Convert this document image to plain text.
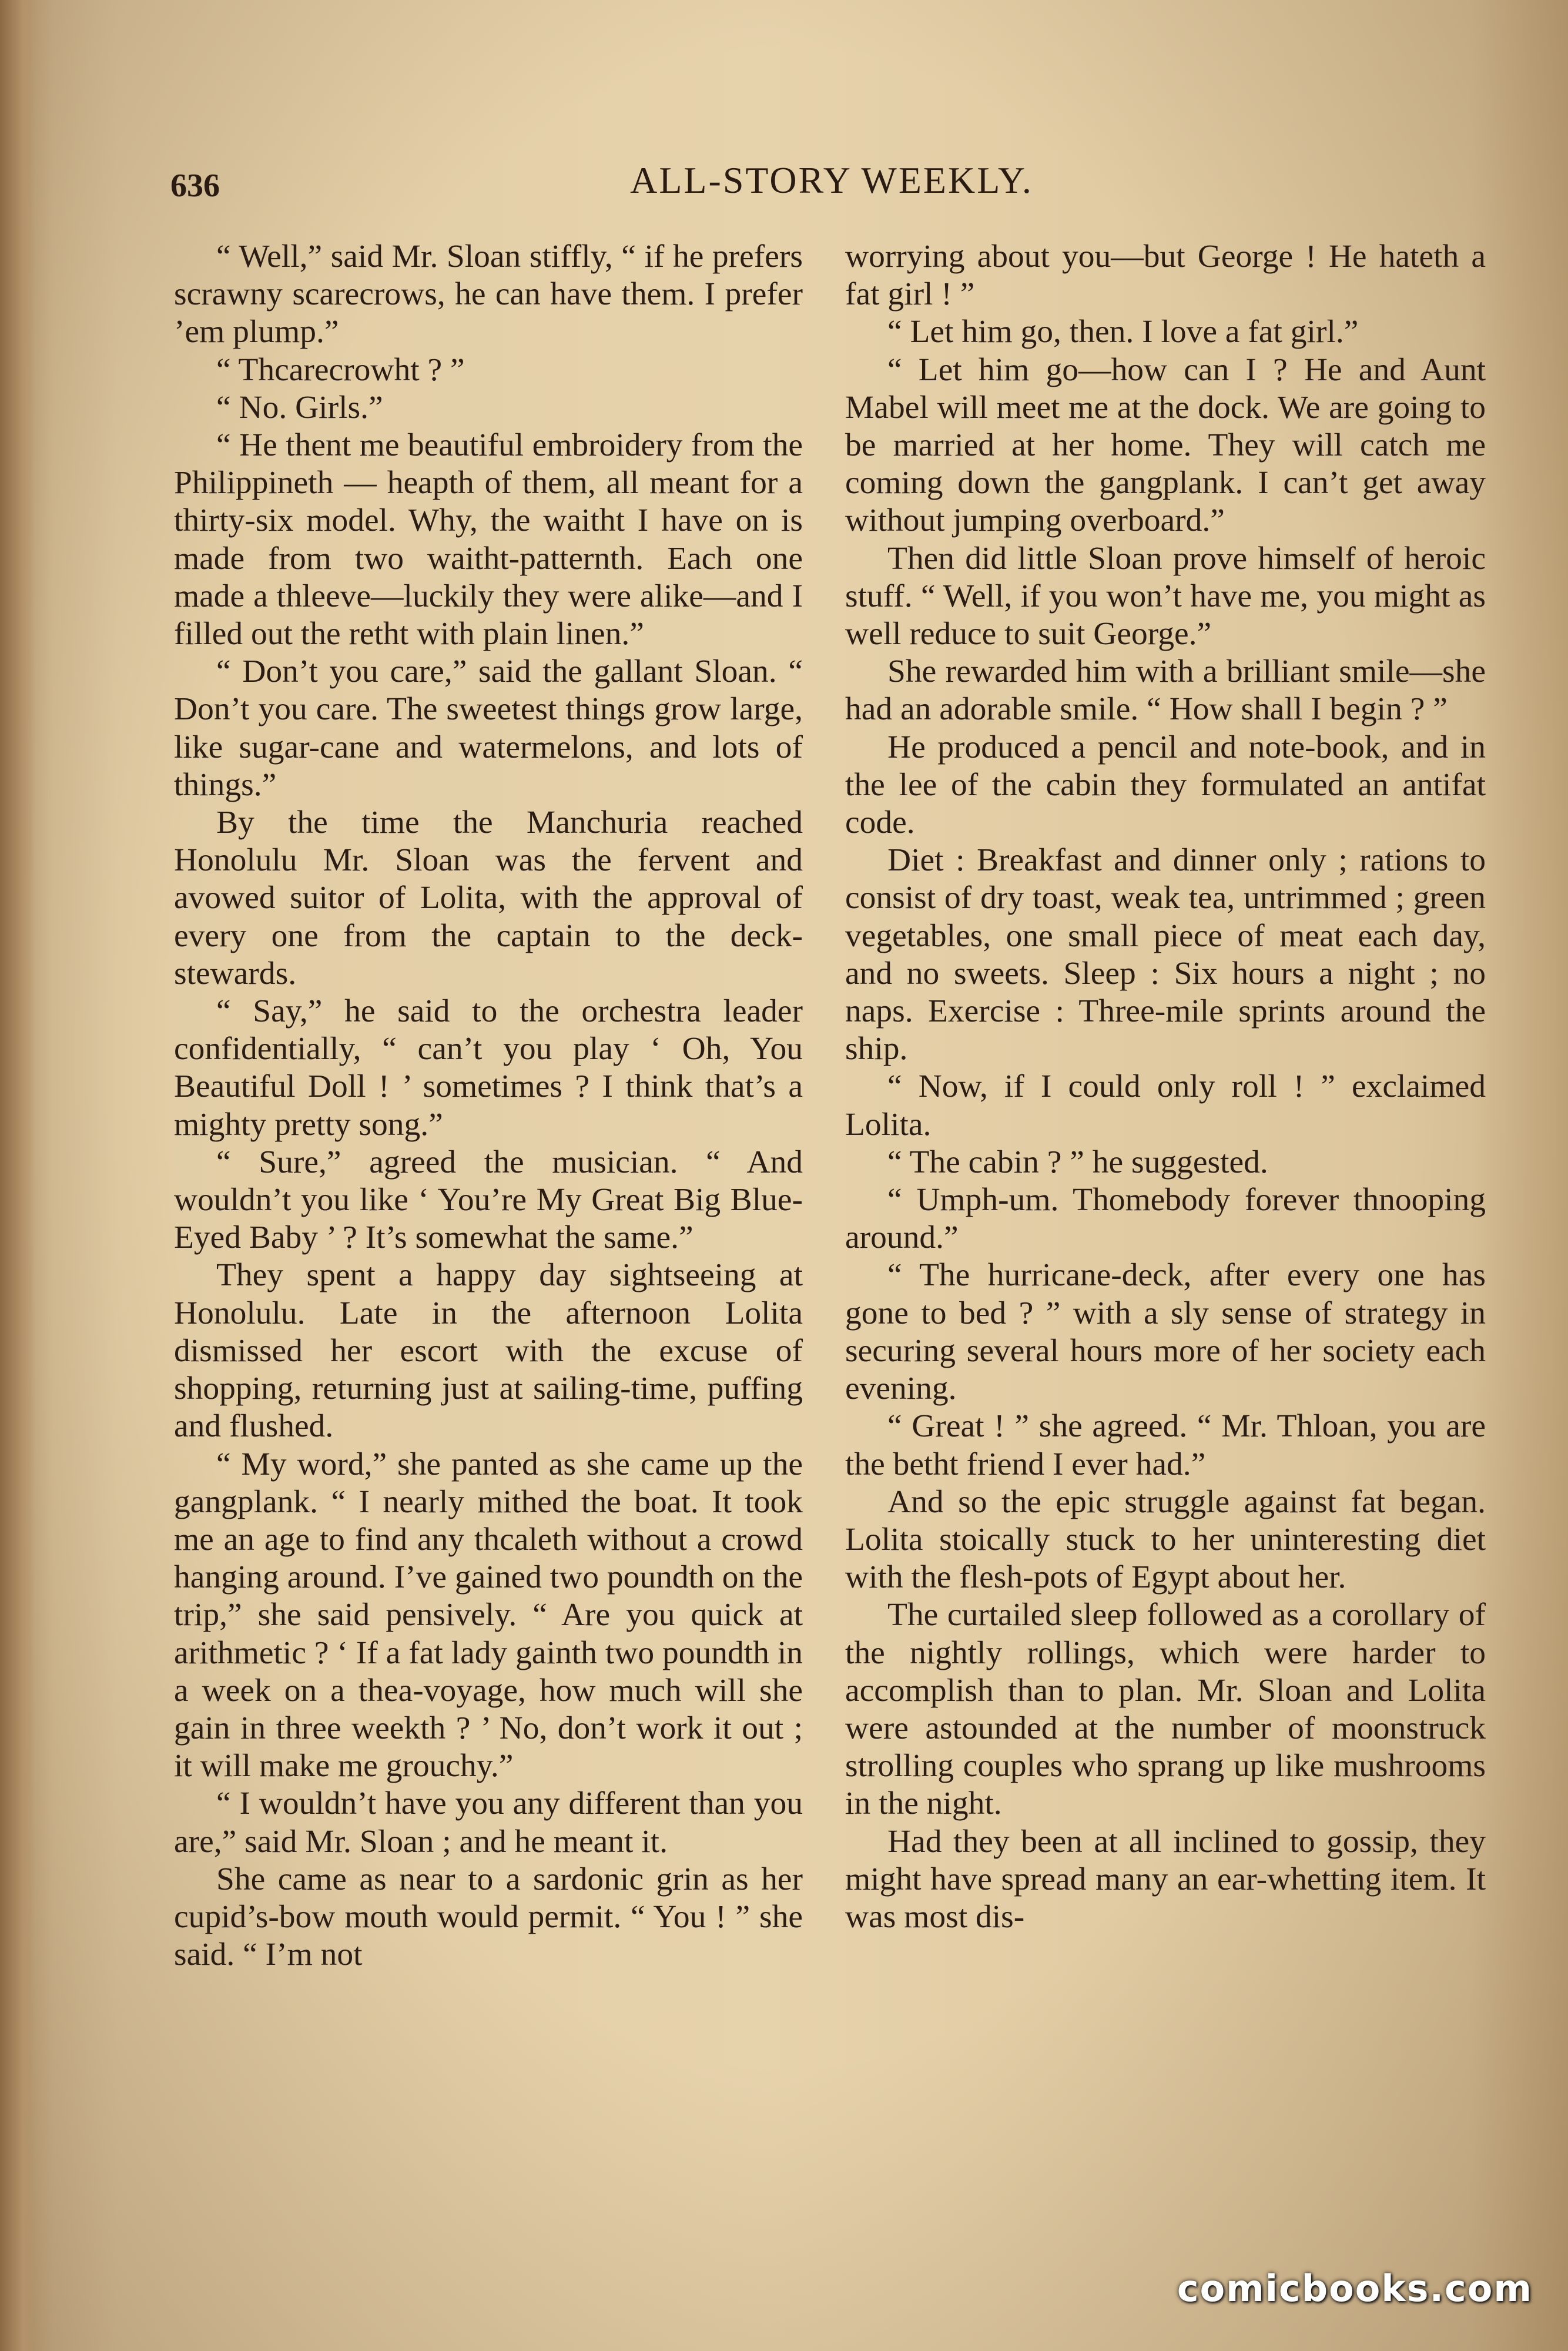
636	ALL-STORY WEEKLY.

“ Well,” said Mr. Sloan stiffly, “ if he prefers scrawny scarecrows, he can have them. I prefer ’em plump.”

“ Thcarecrowht ? ”

“ No. Girls.”

“ He thent me beautiful embroidery from the Philippineth — heapth of them, all meant for a thirty-six model. Why, the waitht I have on is made from two waitht-patternth. Each one made a thleeve—luckily they were alike—and I filled out the retht with plain linen.”

“ Don’t you care,” said the gallant Sloan. “ Don’t you care. The sweetest things grow large, like sugar-cane and watermelons, and lots of things.”

By the time the Manchuria reached Honolulu Mr. Sloan was the fervent and avowed suitor of Lolita, with the approval of every one from the captain to the deck-stewards.

“ Say,” he said to the orchestra leader confidentially, “ can’t you play ‘ Oh, You Beautiful Doll ! ’ sometimes ? I think that’s a mighty pretty song.”

“ Sure,” agreed the musician. “ And wouldn’t you like ‘ You’re My Great Big Blue-Eyed Baby ’ ? It’s somewhat the same.”

They spent a happy day sightseeing at Honolulu. Late in the afternoon Lolita dismissed her escort with the excuse of shopping, returning just at sailing-time, puffing and flushed.

“ My word,” she panted as she came up the gangplank. “ I nearly mithed the boat. It took me an age to find any thcaleth without a crowd hanging around. I’ve gained two poundth on the trip,” she said pensively. “ Are you quick at arithmetic ? ‘ If a fat lady gainth two poundth in a week on a thea-voyage, how much will she gain in three weekth ? ’ No, don’t work it out ; it will make me grouchy.”

“ I wouldn’t have you any different than you are,” said Mr. Sloan ; and he meant it.

She came as near to a sardonic grin as her cupid’s-bow mouth would permit. “ You ! ” she said. “ I’m not

worrying about you—but George ! He hateth a fat girl ! ”

“ Let him go, then. I love a fat girl.”

“ Let him go—how can I ? He and Aunt Mabel will meet me at the dock. We are going to be married at her home. They will catch me coming down the gangplank. I can’t get away without jumping overboard.”

Then did little Sloan prove himself of heroic stuff. “ Well, if you won’t have me, you might as well reduce to suit George.”

She rewarded him with a brilliant smile—she had an adorable smile. “ How shall I begin ? ”

He produced a pencil and note-book, and in the lee of the cabin they formulated an antifat code.

Diet : Breakfast and dinner only ; rations to consist of dry toast, weak tea, untrimmed ; green vegetables, one small piece of meat each day, and no sweets. Sleep : Six hours a night ; no naps. Exercise : Three-mile sprints around the ship.

“ Now, if I could only roll ! ” exclaimed Lolita.

“ The cabin ? ” he suggested.

“ Umph-um. Thomebody forever thnooping around.”

“ The hurricane-deck, after every one has gone to bed ? ” with a sly sense of strategy in securing several hours more of her society each evening.

“ Great ! ” she agreed. “ Mr. Thloan, you are the betht friend I ever had.”

And so the epic struggle against fat began. Lolita stoically stuck to her uninteresting diet with the flesh-pots of Egypt about her.

The curtailed sleep followed as a corollary of the nightly rollings, which were harder to accomplish than to plan. Mr. Sloan and Lolita were astounded at the number of moonstruck strolling couples who sprang up like mushrooms in the night.

Had they been at all inclined to gossip, they might have spread many an ear-whetting item. It was most dis-

comicbooks.com
